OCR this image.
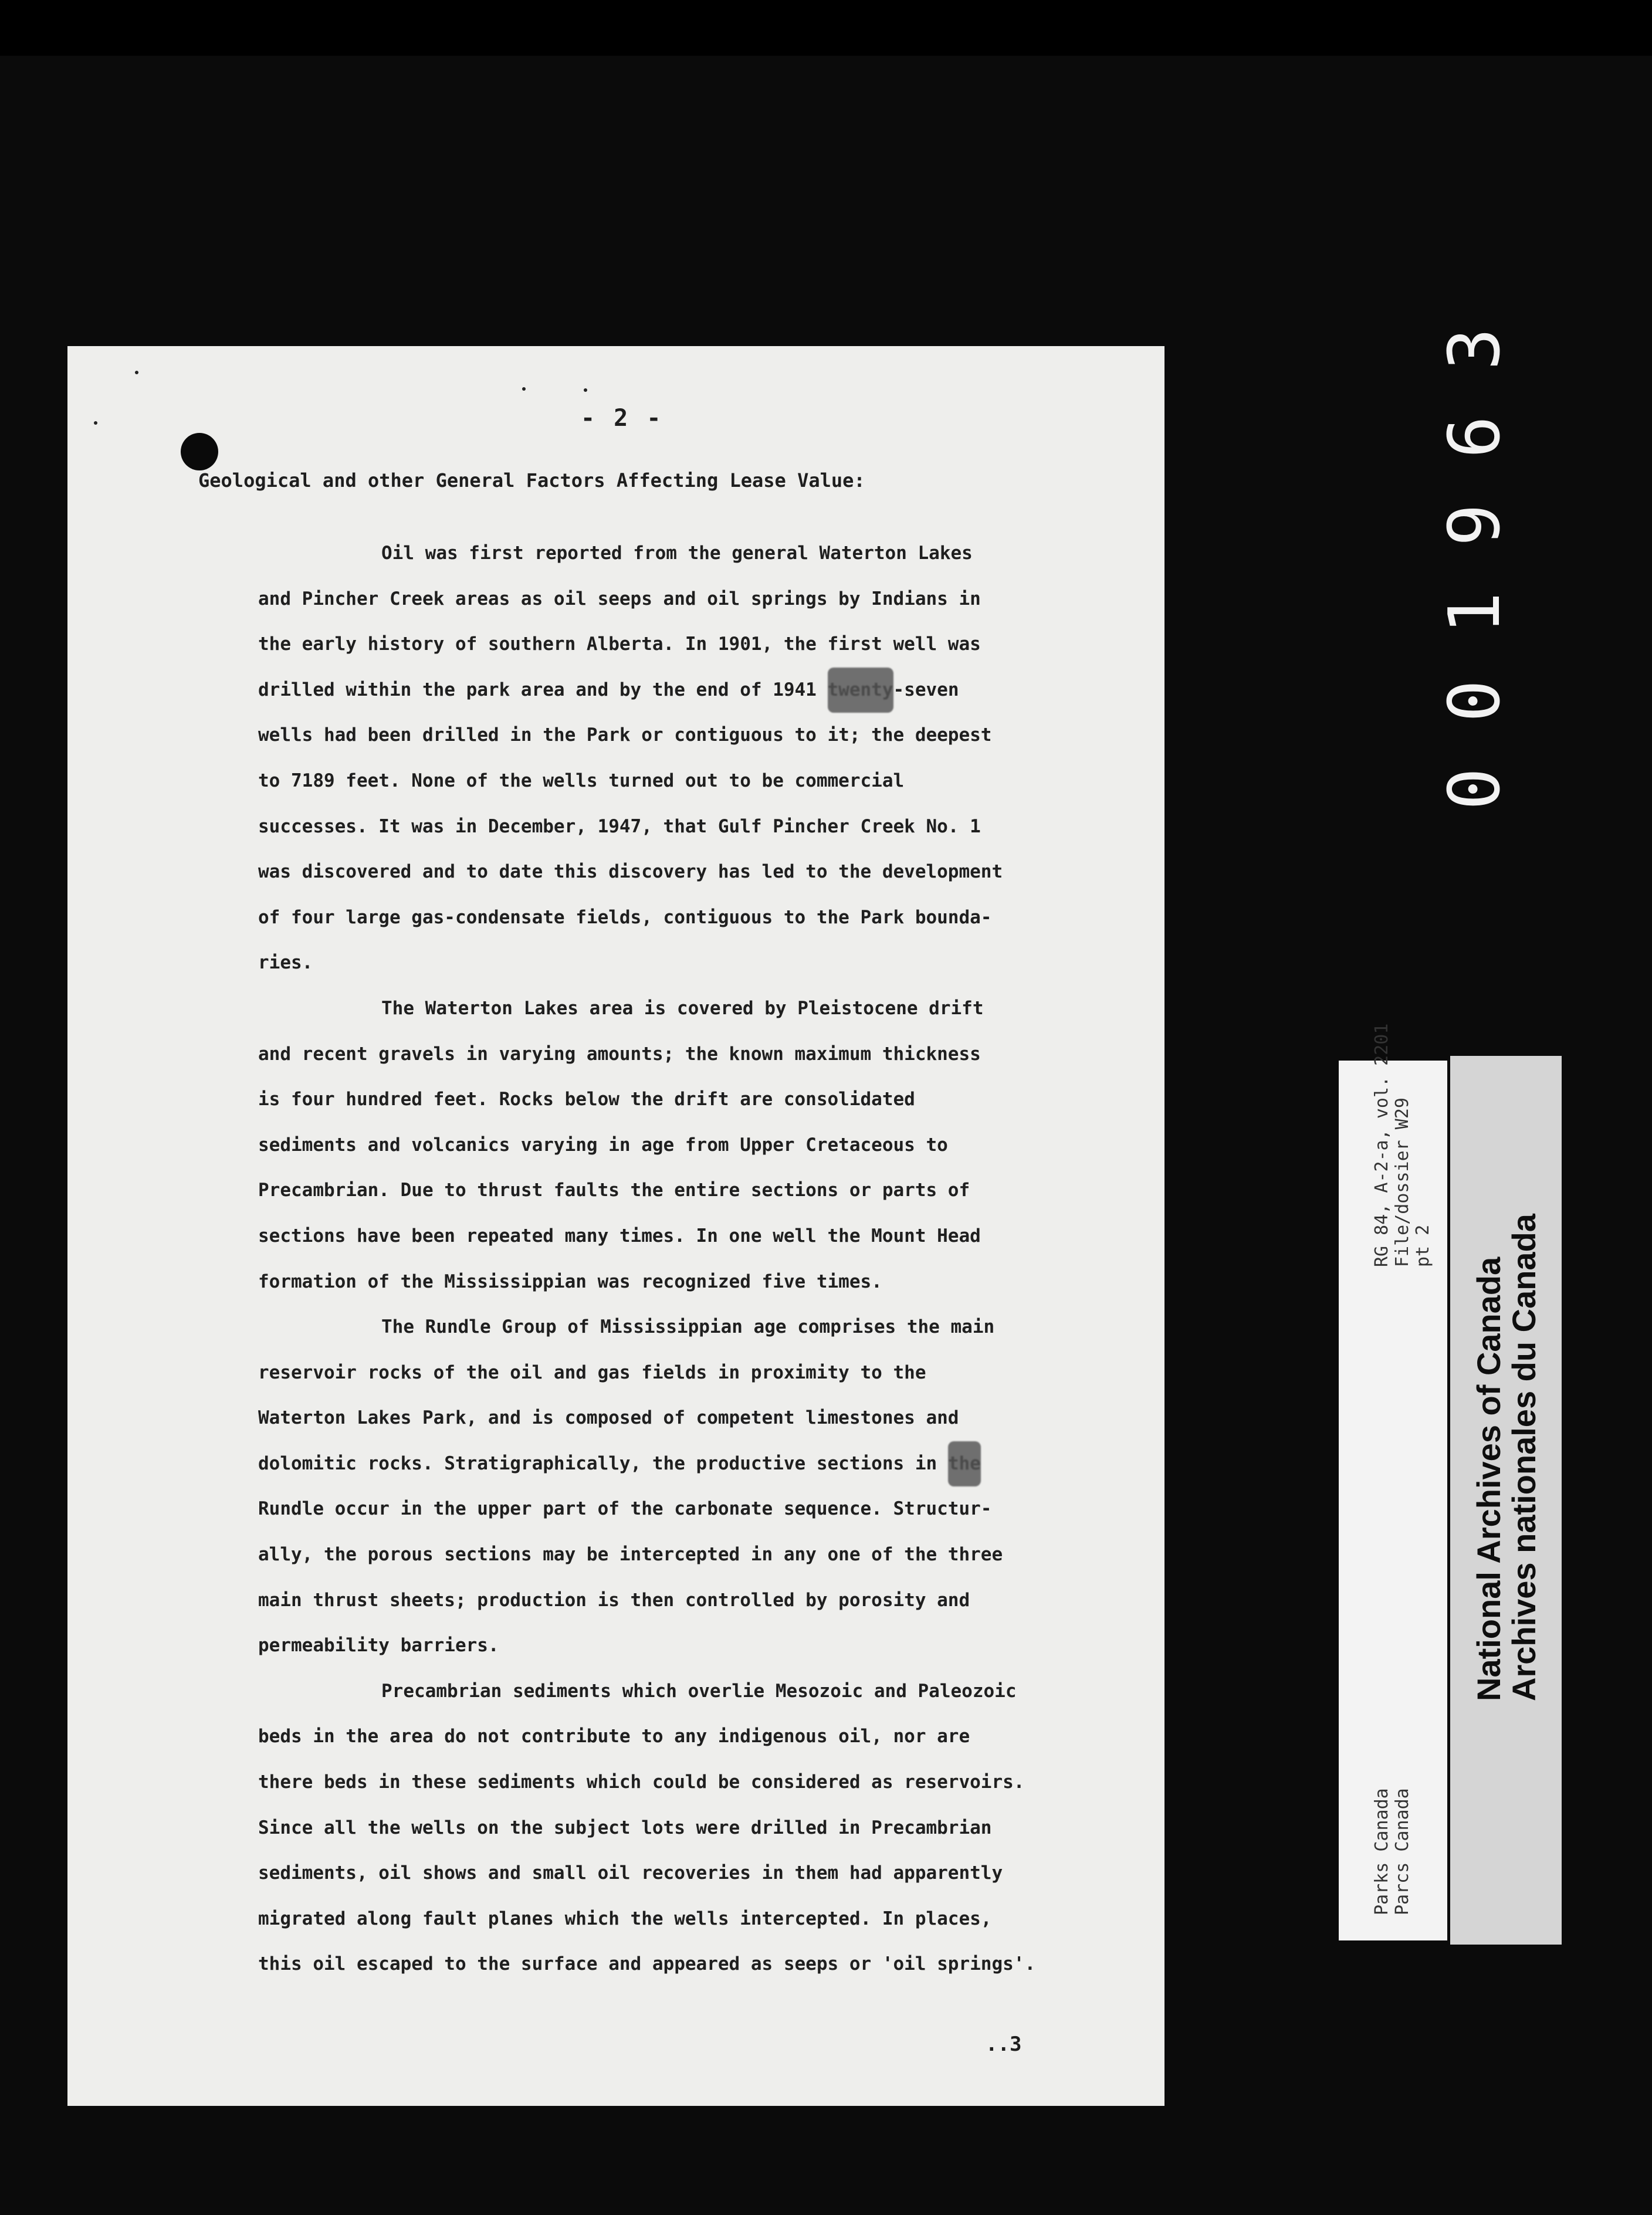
- 2 -
Geological and other General Factors Affecting Lease Value:
Oil was first reported from the general Waterton Lakes
and Pincher Creek areas as oil seeps and oil springs by Indians in
the early history of southern Alberta. In 1901, the first well was
drilled within the park area and by the end of 1941 twenty-seven
wells had been drilled in the Park or contiguous to it; the deepest
to 7189 feet. None of the wells turned out to be commercial
successes. It was in December, 1947, that Gulf Pincher Creek No. 1
was discovered and to date this discovery has led to the development
of four large gas-condensate fields, contiguous to the Park bounda-
ries.
The Waterton Lakes area is covered by Pleistocene drift
and recent gravels in varying amounts; the known maximum thickness
is four hundred feet. Rocks below the drift are consolidated
sediments and volcanics varying in age from Upper Cretaceous to
Precambrian. Due to thrust faults the entire sections or parts of
sections have been repeated many times. In one well the Mount Head
formation of the Mississippian was recognized five times.
The Rundle Group of Mississippian age comprises the main
reservoir rocks of the oil and gas fields in proximity to the
Waterton Lakes Park, and is composed of competent limestones and
dolomitic rocks. Stratigraphically, the productive sections in the
Rundle occur in the upper part of the carbonate sequence. Structur-
ally, the porous sections may be intercepted in any one of the three
main thrust sheets; production is then controlled by porosity and
permeability barriers.
Precambrian sediments which overlie Mesozoic and Paleozoic
beds in the area do not contribute to any indigenous oil, nor are
there beds in these sediments which could be considered as reservoirs.
Since all the wells on the subject lots were drilled in Precambrian
sediments, oil shows and small oil recoveries in them had apparently
migrated along fault planes which the wells intercepted. In places,
this oil escaped to the surface and appeared as seeps or 'oil springs'.
..3
0
0
1
9
6
3
RG 84, A-2-a, vol. 2201 File/dossier W29 pt 2
Parks Canada Parcs Canada
National Archives of Canada
Archives nationales du Canada
